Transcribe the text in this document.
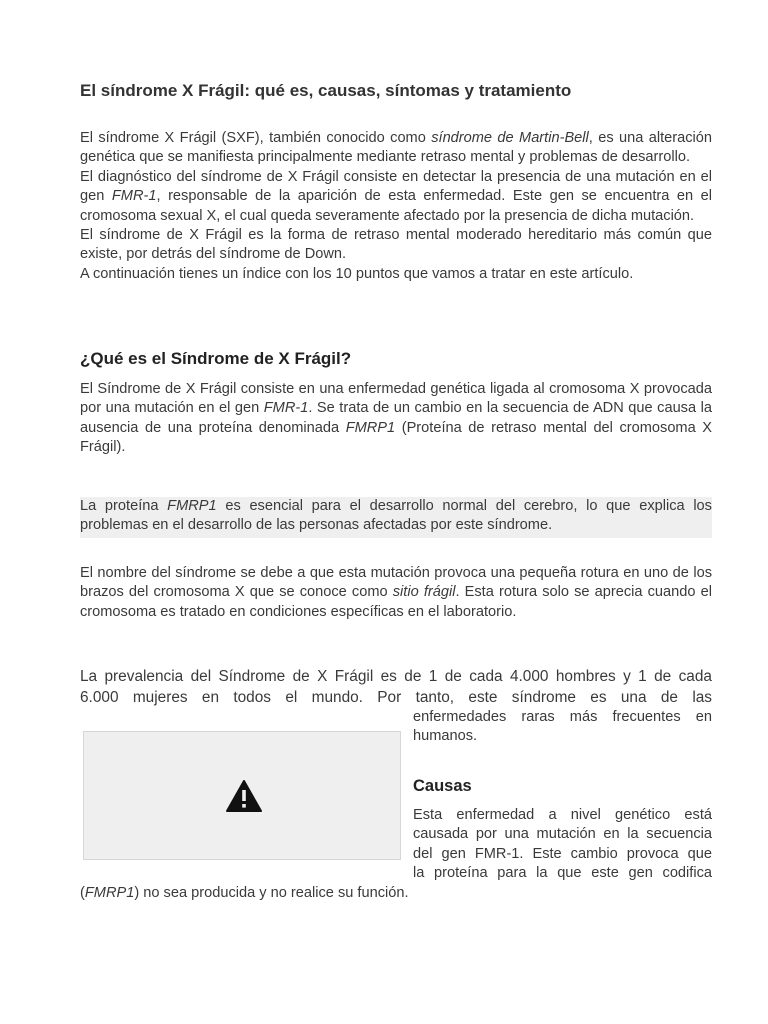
El síndrome X Frágil: qué es, causas, síntomas y tratamiento

El síndrome X Frágil (SXF), también conocido como síndrome de Martin-Bell, es una alteración genética que se manifiesta principalmente mediante retraso mental y problemas de desarrollo.

El diagnóstico del síndrome de X Frágil consiste en detectar la presencia de una mutación en el gen FMR-1, responsable de la aparición de esta enfermedad. Este gen se encuentra en el cromosoma sexual X, el cual queda severamente afectado por la presencia de dicha mutación.

El síndrome de X Frágil es la forma de retraso mental moderado hereditario más común que existe, por detrás del síndrome de Down.

A continuación tienes un índice con los 10 puntos que vamos a tratar en este artículo.

¿Qué es el Síndrome de X Frágil?

El Síndrome de X Frágil consiste en una enfermedad genética ligada al cromosoma X provocada por una mutación en el gen FMR-1. Se trata de un cambio en la secuencia de ADN que causa la ausencia de una proteína denominada FMRP1 (Proteína de retraso mental del cromosoma X Frágil).

La proteína FMRP1 es esencial para el desarrollo normal del cerebro, lo que explica los problemas en el desarrollo de las personas afectadas por este síndrome.

El nombre del síndrome se debe a que esta mutación provoca una pequeña rotura en uno de los brazos del cromosoma X que se conoce como sitio frágil. Esta rotura solo se aprecia cuando el cromosoma es tratado en condiciones específicas en el laboratorio.

La prevalencia del Síndrome de X Frágil es de 1 de cada 4.000 hombres y 1 de cada

6.000 mujeres en todos el mundo. Por tanto, este síndrome es una de las

enfermedades raras más frecuentes en

humanos.

Causas

Esta enfermedad a nivel genético está

causada por una mutación en la secuencia

del gen FMR-1. Este cambio provoca que

la proteína para la que este gen codifica

(FMRP1) no sea producida y no realice su función.
